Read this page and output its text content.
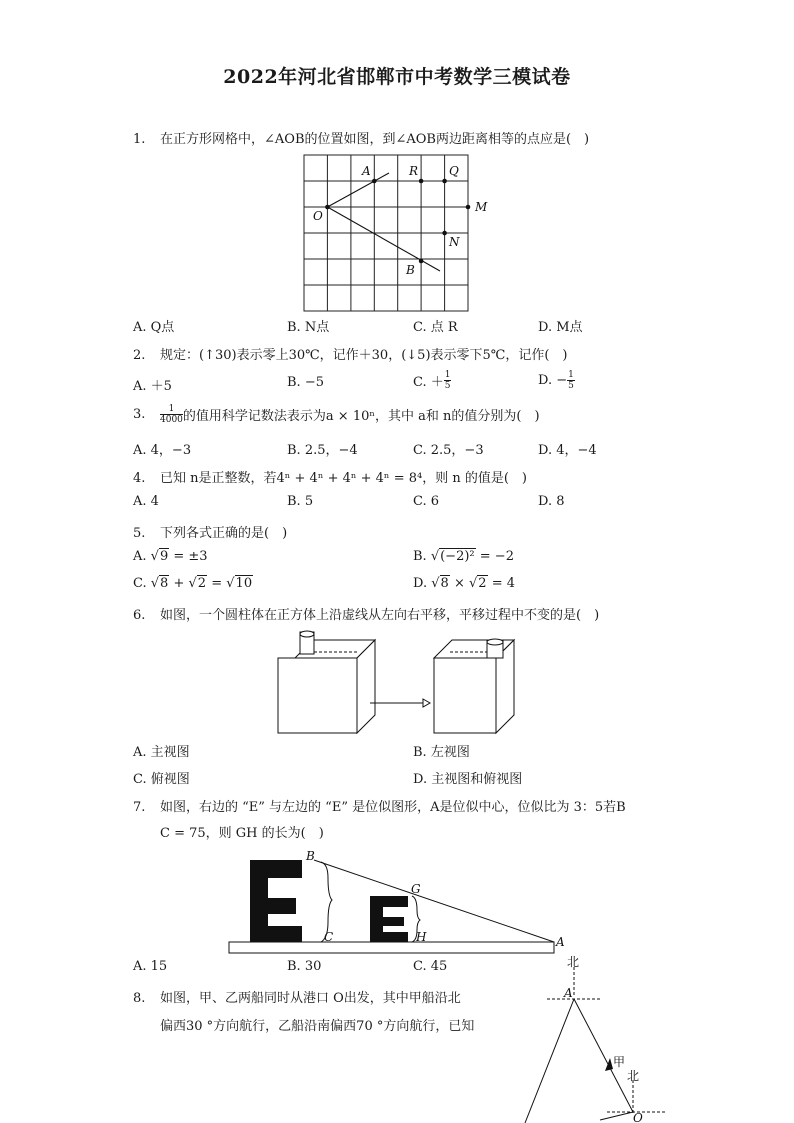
2022年河北省邯郸市中考数学三模试卷
1. 在正方形网格中，∠AOB的位置如图，到∠AOB两边距离相等的点应是(　)
A	R	Q
O
M
N
B
A. Q点	B. N点	C. 点 R	D. M点
2. 规定：(↑30)表示零上30℃，记作＋30，(↓5)表示零下5℃，记作(　)
A. ＋5	B. −5	C. ＋ $\frac{1}{5}$	D. − $\frac{1}{5}$
3. $\frac{1}{4000}$ 的值用科学记数法表示为a × 10ⁿ，其中 a和 n的值分别为(　)
A. 4，−3	B. 2.5，−4	C. 2.5，−3	D. 4，−4
4. 已知 n是正整数，若4ⁿ + 4ⁿ + 4ⁿ + 4ⁿ = 8⁴，则 n 的值是(　)
A. 4	B. 5	C. 6	D. 8
5. 下列各式正确的是(　)
A. √9 = ±3	B. √(−2)² = −2
C. √8 + √2 = √10	D. √8 × √2 = 4
6. 如图，一个圆柱体在正方体上沿虚线从左向右平移，平移过程中不变的是(　)
A. 主视图	B. 左视图
C. 俯视图	D. 主视图和俯视图
7. 如图，右边的 “E” 与左边的 “E” 是位似图形，A是位似中心，位似比为 3：5若B
C = 75，则 GH 的长为(　)
B
G
C	H	A
A. 15	B. 30	C. 45
8. 如图，甲、乙两船同时从港口 O出发，其中甲船沿北
偏西30 °方向航行，乙船沿南偏西70 °方向航行，已知
北
A
甲
北
O
